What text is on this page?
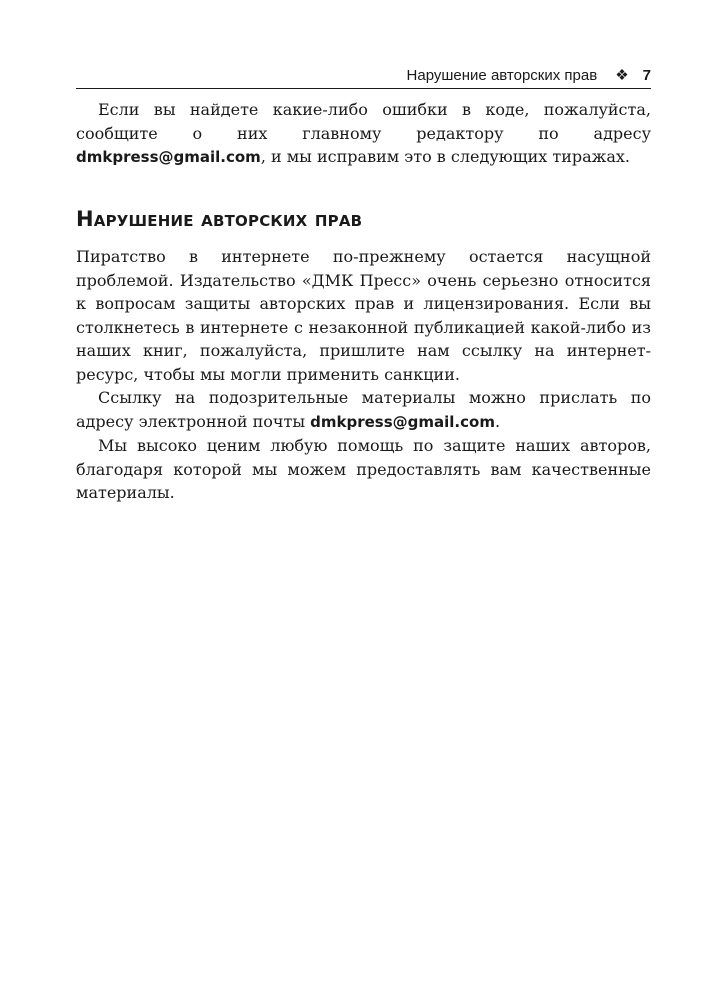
Нарушение авторских прав ❖ 7

Если вы найдете какие-либо ошибки в коде, пожалуйста, сообщите о них главному редактору по адресу dmkpress@gmail.com, и мы исправим это в следующих тиражах.

Нарушение авторских прав

Пиратство в интернете по-прежнему остается насущной проблемой. Издательство «ДМК Пресс» очень серьезно относится к вопросам защиты авторских прав и лицензирования. Если вы столкнетесь в интернете с незаконной публикацией какой-либо из наших книг, пожалуйста, пришлите нам ссылку на интернет-ресурс, чтобы мы могли применить санкции.

Ссылку на подозрительные материалы можно прислать по адресу электронной почты dmkpress@gmail.com.

Мы высоко ценим любую помощь по защите наших авторов, благодаря которой мы можем предоставлять вам качественные материалы.
